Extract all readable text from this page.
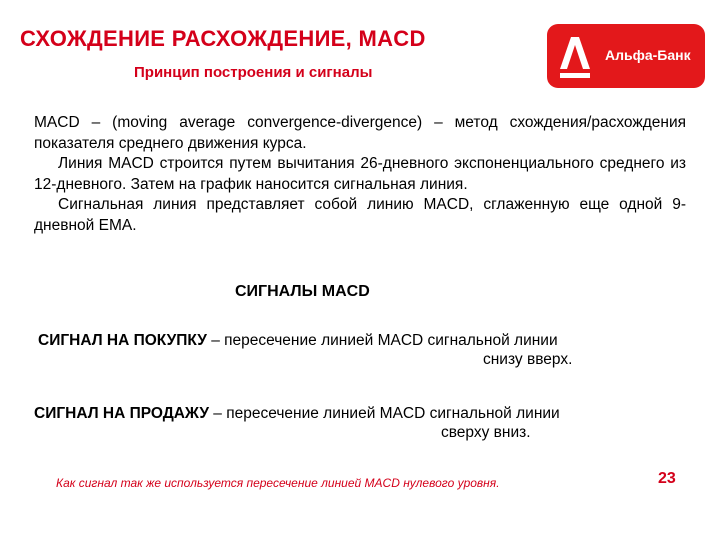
СХОЖДЕНИЕ РАСХОЖДЕНИЕ, MACD
Принцип построения и сигналы
Альфа-Банк

MACD – (moving average convergence-divergence) – метод схождения/расхождения показателя среднего движения курса.

Линия MACD строится путем вычитания 26-дневного экспоненциального среднего из 12-дневного. Затем на график наносится сигнальная линия.

Сигнальная линия представляет собой линию MACD, сглаженную еще одной 9-дневной ЕМА.

СИГНАЛЫ MACD
СИГНАЛ НА ПОКУПКУ – пересечение линией MACD сигнальной линии
снизу вверх.
СИГНАЛ НА ПРОДАЖУ – пересечение линией MACD сигнальной линии
сверху вниз.
Как сигнал так же используется пересечение линией MACD нулевого уровня.	23
